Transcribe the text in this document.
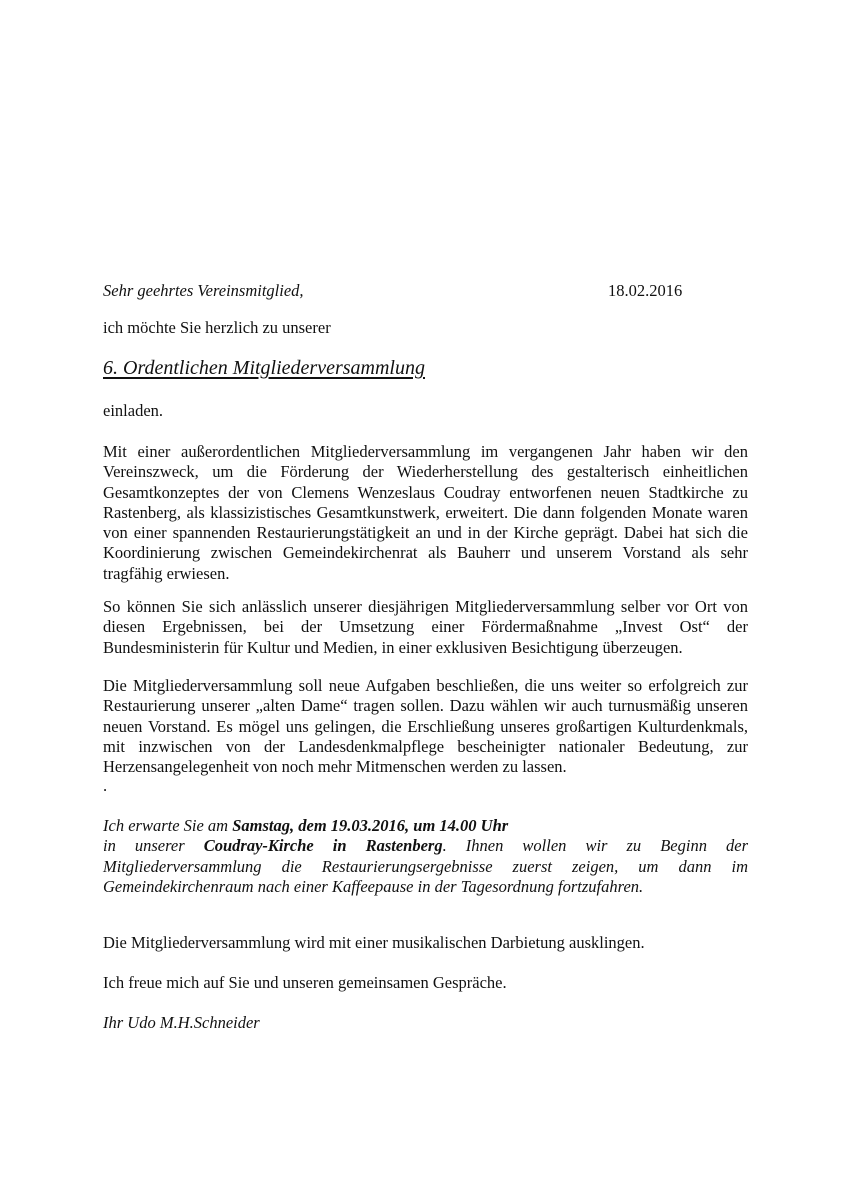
Sehr geehrtes Vereinsmitglied,	18.02.2016
ich möchte Sie herzlich zu unserer
6. Ordentlichen Mitgliederversammlung
einladen.
Mit einer außerordentlichen Mitgliederversammlung im vergangenen Jahr haben wir den Vereinszweck, um die Förderung der Wiederherstellung des gestalterisch einheitlichen Gesamtkonzeptes der von Clemens Wenzeslaus Coudray entworfenen neuen Stadtkirche zu Rastenberg, als klassizistisches Gesamtkunstwerk, erweitert. Die dann folgenden Monate waren von einer spannenden Restaurierungstätigkeit an und in der Kirche geprägt. Dabei hat sich die Koordinierung zwischen Gemeindekirchenrat als Bauherr und unserem Vorstand als sehr tragfähig erwiesen.
So können Sie sich anlässlich unserer diesjährigen Mitgliederversammlung selber vor Ort von diesen Ergebnissen, bei der Umsetzung einer Fördermaßnahme „Invest Ost“ der Bundesministerin für Kultur und Medien, in einer exklusiven Besichtigung überzeugen.
Die Mitgliederversammlung soll neue Aufgaben beschließen, die uns weiter so erfolgreich zur Restaurierung unserer „alten Dame“ tragen sollen. Dazu wählen wir auch turnusmäßig unseren neuen Vorstand. Es mögel uns gelingen, die Erschließung unseres großartigen Kulturdenkmals, mit inzwischen von der Landesdenkmalpflege bescheinigter nationaler Bedeutung, zur Herzensangelegenheit von noch mehr Mitmenschen werden zu lassen.
.
Ich erwarte Sie am Samstag, dem 19.03.2016, um 14.00 Uhr
in unserer Coudray-Kirche in Rastenberg. Ihnen wollen wir zu Beginn der Mitgliederversammlung die Restaurierungsergebnisse zuerst zeigen, um dann im Gemeindekirchenraum nach einer Kaffeepause in der Tagesordnung fortzufahren.
Die Mitgliederversammlung wird mit einer musikalischen Darbietung ausklingen.
Ich freue mich auf Sie und unseren gemeinsamen Gespräche.
Ihr Udo M.H.Schneider
